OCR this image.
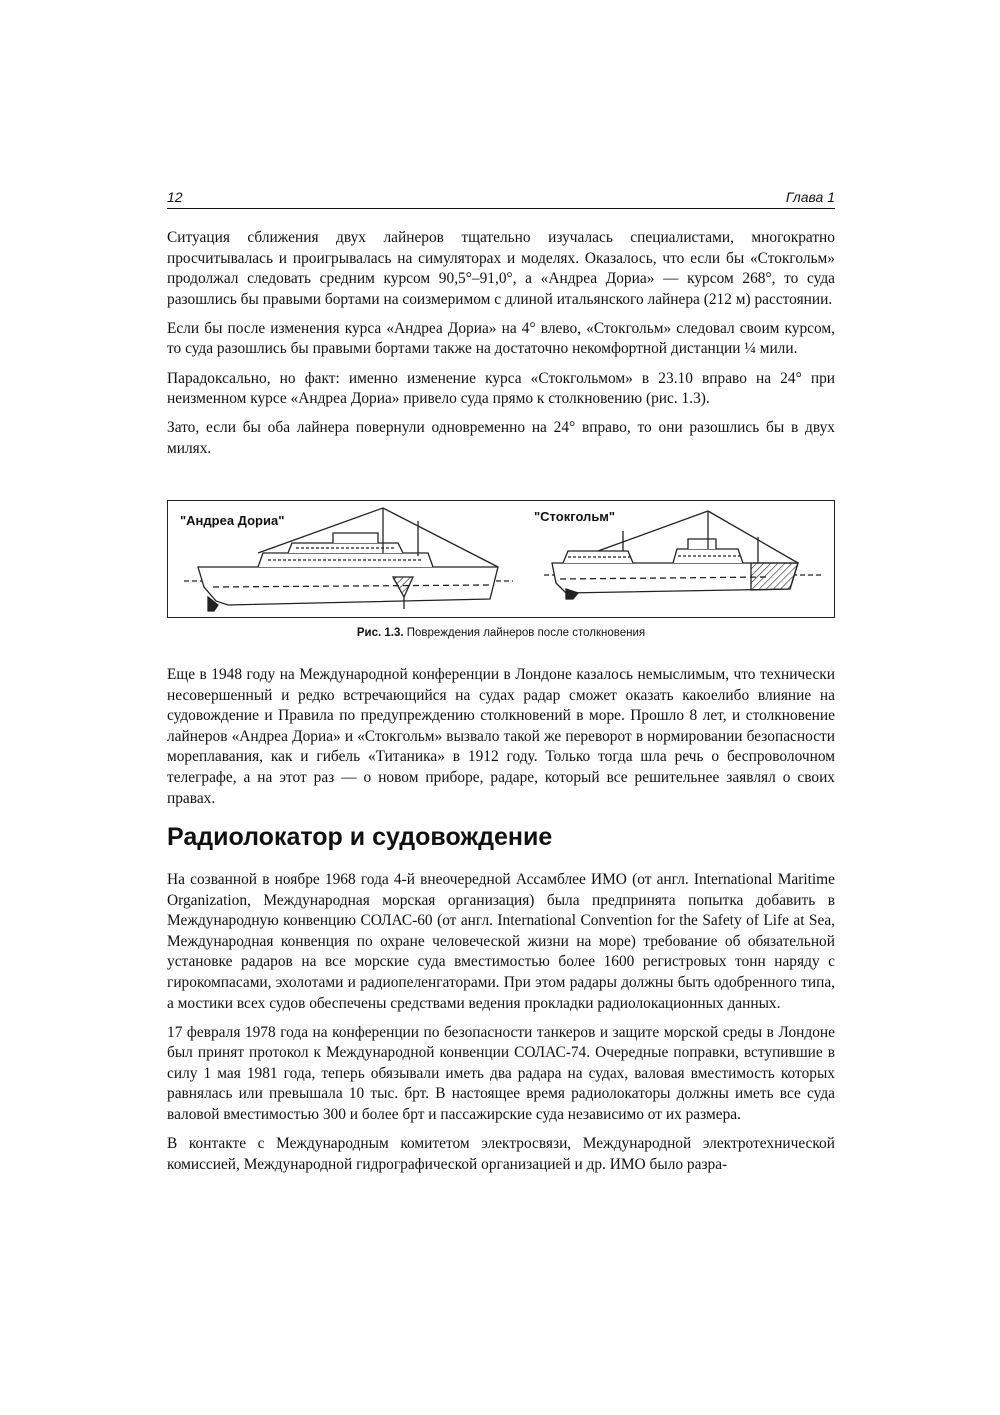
12	Глава 1

Ситуация сближения двух лайнеров тщательно изучалась специалистами, многократно просчитывалась и проигрывалась на симуляторах и моделях. Оказалось, что если бы «Стокгольм» продолжал следовать средним курсом 90,5°–91,0°, а «Андреа Дориа» — курсом 268°, то суда разошлись бы правыми бортами на соизмеримом с длиной итальянского лайнера (212 м) расстоянии.

Если бы после изменения курса «Андреа Дориа» на 4° влево, «Стокгольм» следовал своим курсом, то суда разошлись бы правыми бортами также на достаточно некомфортной дистанции ¼ мили.

Парадоксально, но факт: именно изменение курса «Стокгольмом» в 23.10 вправо на 24° при неизменном курсе «Андреа Дориа» привело суда прямо к столкновению (рис. 1.3).

Зато, если бы оба лайнера повернули одновременно на 24° вправо, то они разошлись бы в двух милях.

"Андреа Дориа"	"Стокгольм"
Рис. 1.3. Повреждения лайнеров после столкновения

Еще в 1948 году на Международной конференции в Лондоне казалось немыслимым, что технически несовершенный и редко встречающийся на судах радар сможет оказать какоелибо влияние на судовождение и Правила по предупреждению столкновений в море. Прошло 8 лет, и столкновение лайнеров «Андреа Дориа» и «Стокгольм» вызвало такой же переворот в нормировании безопасности мореплавания, как и гибель «Титаника» в 1912 году. Только тогда шла речь о беспроволочном телеграфе, а на этот раз — о новом приборе, радаре, который все решительнее заявлял о своих правах.

Радиолокатор и судовождение

На созванной в ноябре 1968 года 4-й внеочередной Ассамблее ИМО (от англ. International Maritime Organization, Международная морская организация) была предпринята попытка добавить в Международную конвенцию СОЛАС-60 (от англ. International Convention for the Safety of Life at Sea, Международная конвенция по охране человеческой жизни на море) требование об обязательной установке радаров на все морские суда вместимостью более 1600 регистровых тонн наряду с гирокомпасами, эхолотами и радиопеленгаторами. При этом радары должны быть одобренного типа, а мостики всех судов обеспечены средствами ведения прокладки радиолокационных данных.

17 февраля 1978 года на конференции по безопасности танкеров и защите морской среды в Лондоне был принят протокол к Международной конвенции СОЛАС-74. Очередные поправки, вступившие в силу 1 мая 1981 года, теперь обязывали иметь два радара на судах, валовая вместимость которых равнялась или превышала 10 тыс. брт. В настоящее время радиолокаторы должны иметь все суда валовой вместимостью 300 и более брт и пассажирские суда независимо от их размера.

В контакте с Международным комитетом электросвязи, Международной электротехнической комиссией, Международной гидрографической организацией и др. ИМО было разра-
